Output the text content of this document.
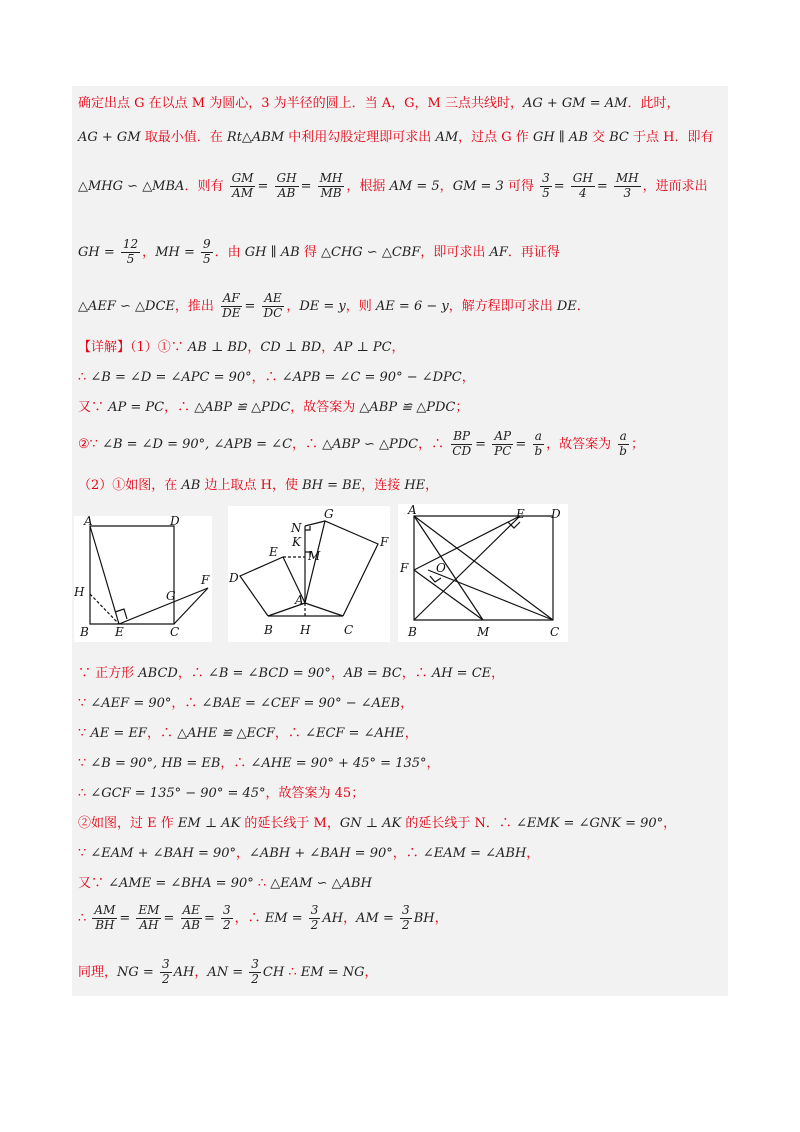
确定出点 G 在以点 M 为圆心，3 为半径的圆上．当 A，G，M 三点共线时，AG + GM = AM．此时，
AG + GM 取最小值．在 Rt△ABM 中利用勾股定理即可求出 AM，过点 G 作 GH ∥ AB 交 BC 于点 H．即有
△MHG ∽ △MBA．则有 $\frac{GM}{AM} = \frac{GH}{AB} = \frac{MH}{MB}$ ，根据 AM = 5，GM = 3 可得 $\frac{3}{5} = \frac{GH}{4} = \frac{MH}{3}$ ，进而求出
GH = $\frac{12}{5}$ ，MH = $\frac{9}{5}$ ．由 GH ∥ AB 得 △CHG ∽ △CBF，即可求出 AF．再证得
△AEF ∽ △DCE，推出 $\frac{AF}{DE} = \frac{AE}{DC}$ ，DE = y，则 AE = 6 − y，解方程即可求出 DE．
【详解】（1）①∵ AB ⊥ BD，CD ⊥ BD，AP ⊥ PC，
∴ ∠B = ∠D = ∠APC = 90°，∴ ∠APB = ∠C = 90° − ∠DPC，
又∵ AP = PC，∴ △ABP ≌ △PDC，故答案为 △ABP ≌ △PDC；
②∵ ∠B = ∠D = 90°, ∠APB = ∠C，∴ △ABP ∽ △PDC，∴ $\frac{BP}{CD} = \frac{AP}{PC} = \frac{a}{b}$ ，故答案为 $\frac{a}{b}$ ；
（2）①如图，在 AB 边上取点 H，使 BH = BE，连接 HE，
A	D
H	G
F
B E	C
N
G
K
M
E
F
D
A
B H	C
A	E D
F O
B	M	C
∵ 正方形 ABCD，∴ ∠B = ∠BCD = 90°，AB = BC，∴ AH = CE，
∵ ∠AEF = 90°，∴ ∠BAE = ∠CEF = 90° − ∠AEB，
∵ AE = EF，∴ △AHE ≌ △ECF，∴ ∠ECF = ∠AHE，
∵ ∠B = 90°, HB = EB，∴ ∠AHE = 90° + 45° = 135°，
∴ ∠GCF = 135° − 90° = 45°，故答案为 45；
②如图，过 E 作 EM ⊥ AK 的延长线于 M，GN ⊥ AK 的延长线于 N．∴ ∠EMK = ∠GNK = 90°，
∵ ∠EAM + ∠BAH = 90°，∠ABH + ∠BAH = 90°，∴ ∠EAM = ∠ABH，
又∵ ∠AME = ∠BHA = 90° ∴ △EAM ∽ △ABH
∴ $\frac{AM}{BH} = \frac{EM}{AH} = \frac{AE}{AB} = \frac{3}{2}$ ，∴ EM = $\frac{3}{2}$ AH，AM = $\frac{3}{2}$ BH，
同理，NG = $\frac{3}{2}$ AH，AN = $\frac{3}{2}$ CH ∴ EM = NG，
